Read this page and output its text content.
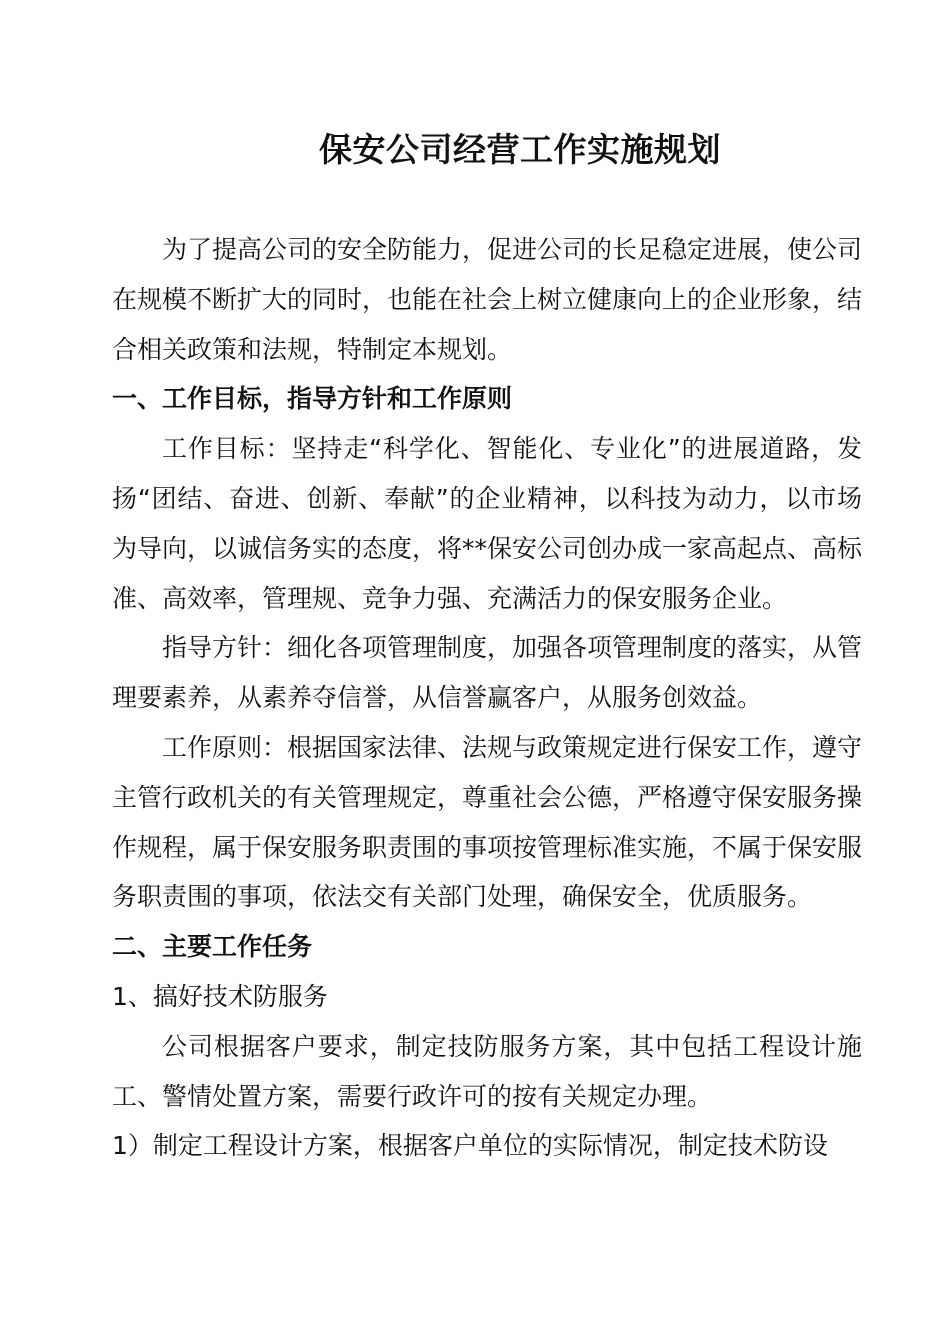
保安公司经营工作实施规划

为了提高公司的安全防能力，促进公司的长足稳定进展，使公司在规模不断扩大的同时，也能在社会上树立健康向上的企业形象，结合相关政策和法规，特制定本规划。

一、工作目标，指导方针和工作原则

工作目标：坚持走“科学化、智能化、专业化”的进展道路，发扬“团结、奋进、创新、奉献”的企业精神，以科技为动力，以市场为导向，以诚信务实的态度，将**保安公司创办成一家高起点、高标准、高效率，管理规、竞争力强、充满活力的保安服务企业。

指导方针：细化各项管理制度，加强各项管理制度的落实，从管理要素养，从素养夺信誉，从信誉赢客户，从服务创效益。

工作原则：根据国家法律、法规与政策规定进行保安工作，遵守主管行政机关的有关管理规定，尊重社会公德，严格遵守保安服务操作规程，属于保安服务职责围的事项按管理标准实施，不属于保安服务职责围的事项，依法交有关部门处理，确保安全，优质服务。

二、主要工作任务

1、搞好技术防服务

公司根据客户要求，制定技防服务方案，其中包括工程设计施工、警情处置方案，需要行政许可的按有关规定办理。

1）制定工程设计方案，根据客户单位的实际情况，制定技术防设
